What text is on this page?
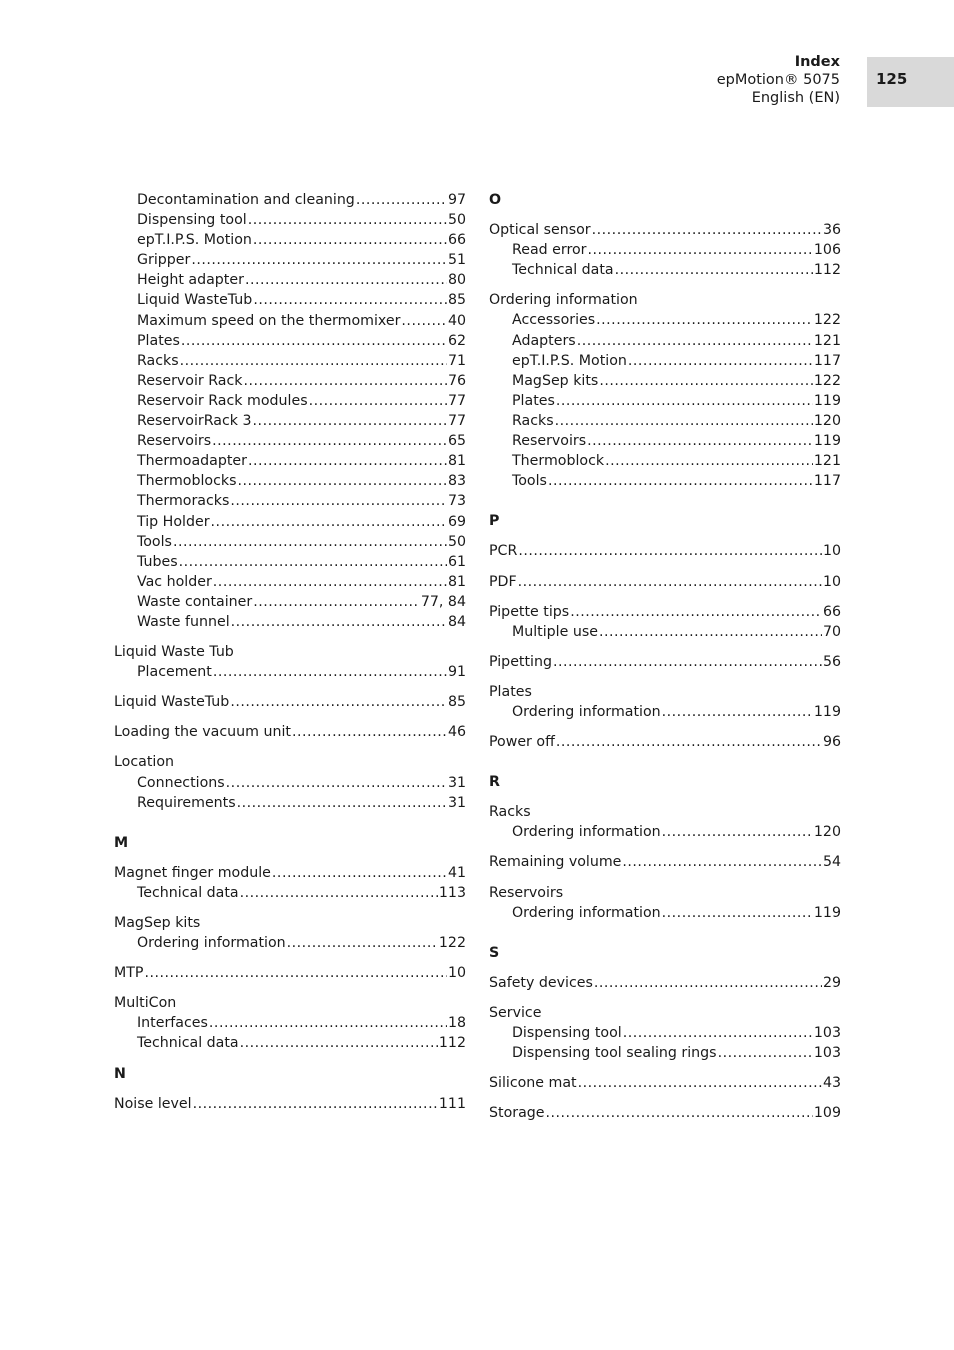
Index
epMotion® 5075
English (EN)
125
Decontamination and cleaning .....	97
Dispensing tool .....	50
epT.I.P.S. Motion .....	66
Gripper .....	51
Height adapter .....	80
Liquid WasteTub .....	85
Maximum speed on the thermomixer .....	40
Plates .....	62
Racks .....	71
Reservoir Rack .....	76
Reservoir Rack modules .....	77
ReservoirRack 3 .....	77
Reservoirs .....	65
Thermoadapter .....	81
Thermoblocks .....	83
Thermoracks .....	73
Tip Holder .....	69
Tools .....	50
Tubes .....	61
Vac holder .....	81
Waste container .....	77, 84
Waste funnel .....	84
Liquid Waste Tub
Placement .....	91
Liquid WasteTub .....	85
Loading the vacuum unit .....	46
Location
Connections .....	31
Requirements .....	31
M
Magnet finger module .....	41
Technical data .....	113
MagSep kits
Ordering information .....	122
MTP .....	10
MultiCon
Interfaces .....	18
Technical data .....	112
N
Noise level .....	111
O
Optical sensor .....	36
Read error .....	106
Technical data .....	112
Ordering information
Accessories .....	122
Adapters .....	121
epT.I.P.S. Motion .....	117
MagSep kits .....	122
Plates .....	119
Racks .....	120
Reservoirs .....	119
Thermoblock .....	121
Tools .....	117
P
PCR .....	10
PDF .....	10
Pipette tips .....	66
Multiple use .....	70
Pipetting .....	56
Plates
Ordering information .....	119
Power off .....	96
R
Racks
Ordering information .....	120
Remaining volume .....	54
Reservoirs
Ordering information .....	119
S
Safety devices .....	29
Service
Dispensing tool .....	103
Dispensing tool sealing rings .....	103
Silicone mat .....	43
Storage .....	109
